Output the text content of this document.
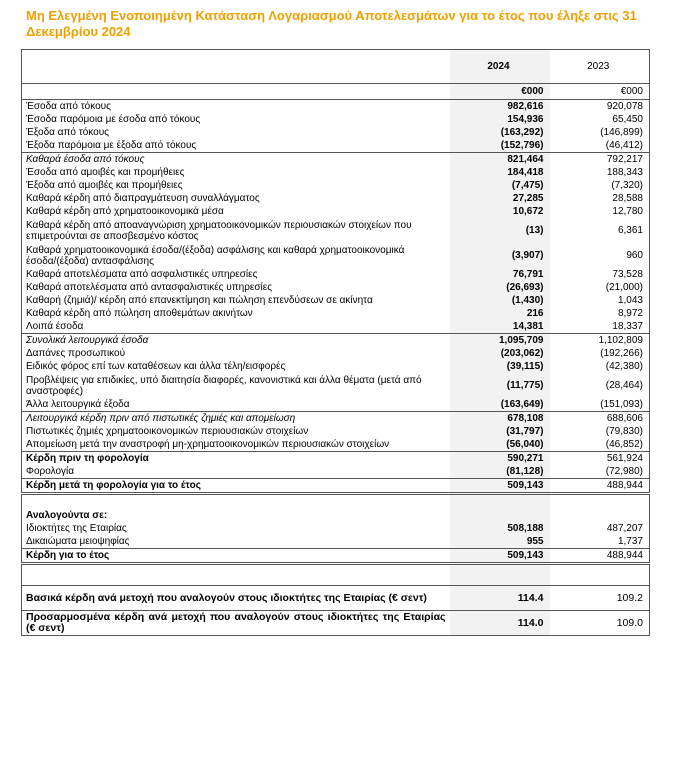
Μη Ελεγμένη Ενοποιημένη Κατάσταση Λογαριασμού Αποτελεσμάτων για το έτος που έληξε στις 31 Δεκεμβρίου 2024
	2024	2023
	€000	€000
Έσοδα από τόκους	982,616	920,078
Έσοδα παρόμοια με έσοδα από τόκους	154,936	65,450
Έξοδα από τόκους	(163,292)	(146,899)
Έξοδα παρόμοια με έξοδα από τόκους	(152,796)	(46,412)
Καθαρά έσοδα από τόκους	821,464	792,217
Έσοδα από αμοιβές και προμήθειες	184,418	188,343
Έξοδα από αμοιβές και προμήθειες	(7,475)	(7,320)
Καθαρά κέρδη από διαπραγμάτευση συναλλάγματος	27,285	28,588
Καθαρά κέρδη από χρηματοοικονομικά μέσα	10,672	12,780
Καθαρά κέρδη από αποαναγνώριση χρηματοοικονομικών περιουσιακών στοιχείων που επιμετρούνται σε αποσβεσμένο κόστος	(13)	6,361
Καθαρά χρηματοοικονομικά έσοδα/(έξοδα) ασφάλισης και καθαρά χρηματοοικονομικά έσοδα/(έξοδα) αντασφάλισης	(3,907)	960
Καθαρά αποτελέσματα από ασφαλιστικές υπηρεσίες	76,791	73,528
Καθαρά αποτελέσματα από αντασφαλιστικές υπηρεσίες	(26,693)	(21,000)
Καθαρή (ζημιά)/ κέρδη από επανεκτίμηση και πώληση επενδύσεων σε ακίνητα	(1,430)	1,043
Καθαρά κέρδη από πώληση αποθεμάτων ακινήτων	216	8,972
Λοιπά έσοδα	14,381	18,337
Συνολικά λειτουργικά έσοδα	1,095,709	1,102,809
Δαπάνες προσωπικού	(203,062)	(192,266)
Ειδικός φόρος επί των καταθέσεων και άλλα τέλη/εισφορές	(39,115)	(42,380)
Προβλέψεις για επιδικίες, υπό διαιτησία διαφορές, κανονιστικά και άλλα θέματα (μετά από αναστροφές)	(11,775)	(28,464)
Άλλα λειτουργικά έξοδα	(163,649)	(151,093)
Λειτουργικά κέρδη πριν από πιστωτικές ζημιές και απομείωση	678,108	688,606
Πιστωτικές ζημιές χρηματοοικονομικών περιουσιακών στοιχείων	(31,797)	(79,830)
Απομείωση μετά την αναστροφή μη-χρηματοοικονομικών περιουσιακών στοιχείων	(56,040)	(46,852)
Κέρδη πριν τη φορολογία	590,271	561,924
Φορολογία	(81,128)	(72,980)
Κέρδη μετά τη φορολογία για το έτος	509,143	488,944

Αναλογούντα σε:		
Ιδιοκτήτες της Εταιρίας	508,188	487,207
Δικαιώματα μειοψηφίας	955	1,737
Κέρδη για το έτος	509,143	488,944

Βασικά κέρδη ανά μετοχή που αναλογούν στους ιδιοκτήτες της Εταιρίας (€ σεντ)	114.4	109.2
Προσαρμοσμένα κέρδη ανά μετοχή που αναλογούν στους ιδιοκτήτες της Εταιρίας (€ σεντ)	114.0	109.0
